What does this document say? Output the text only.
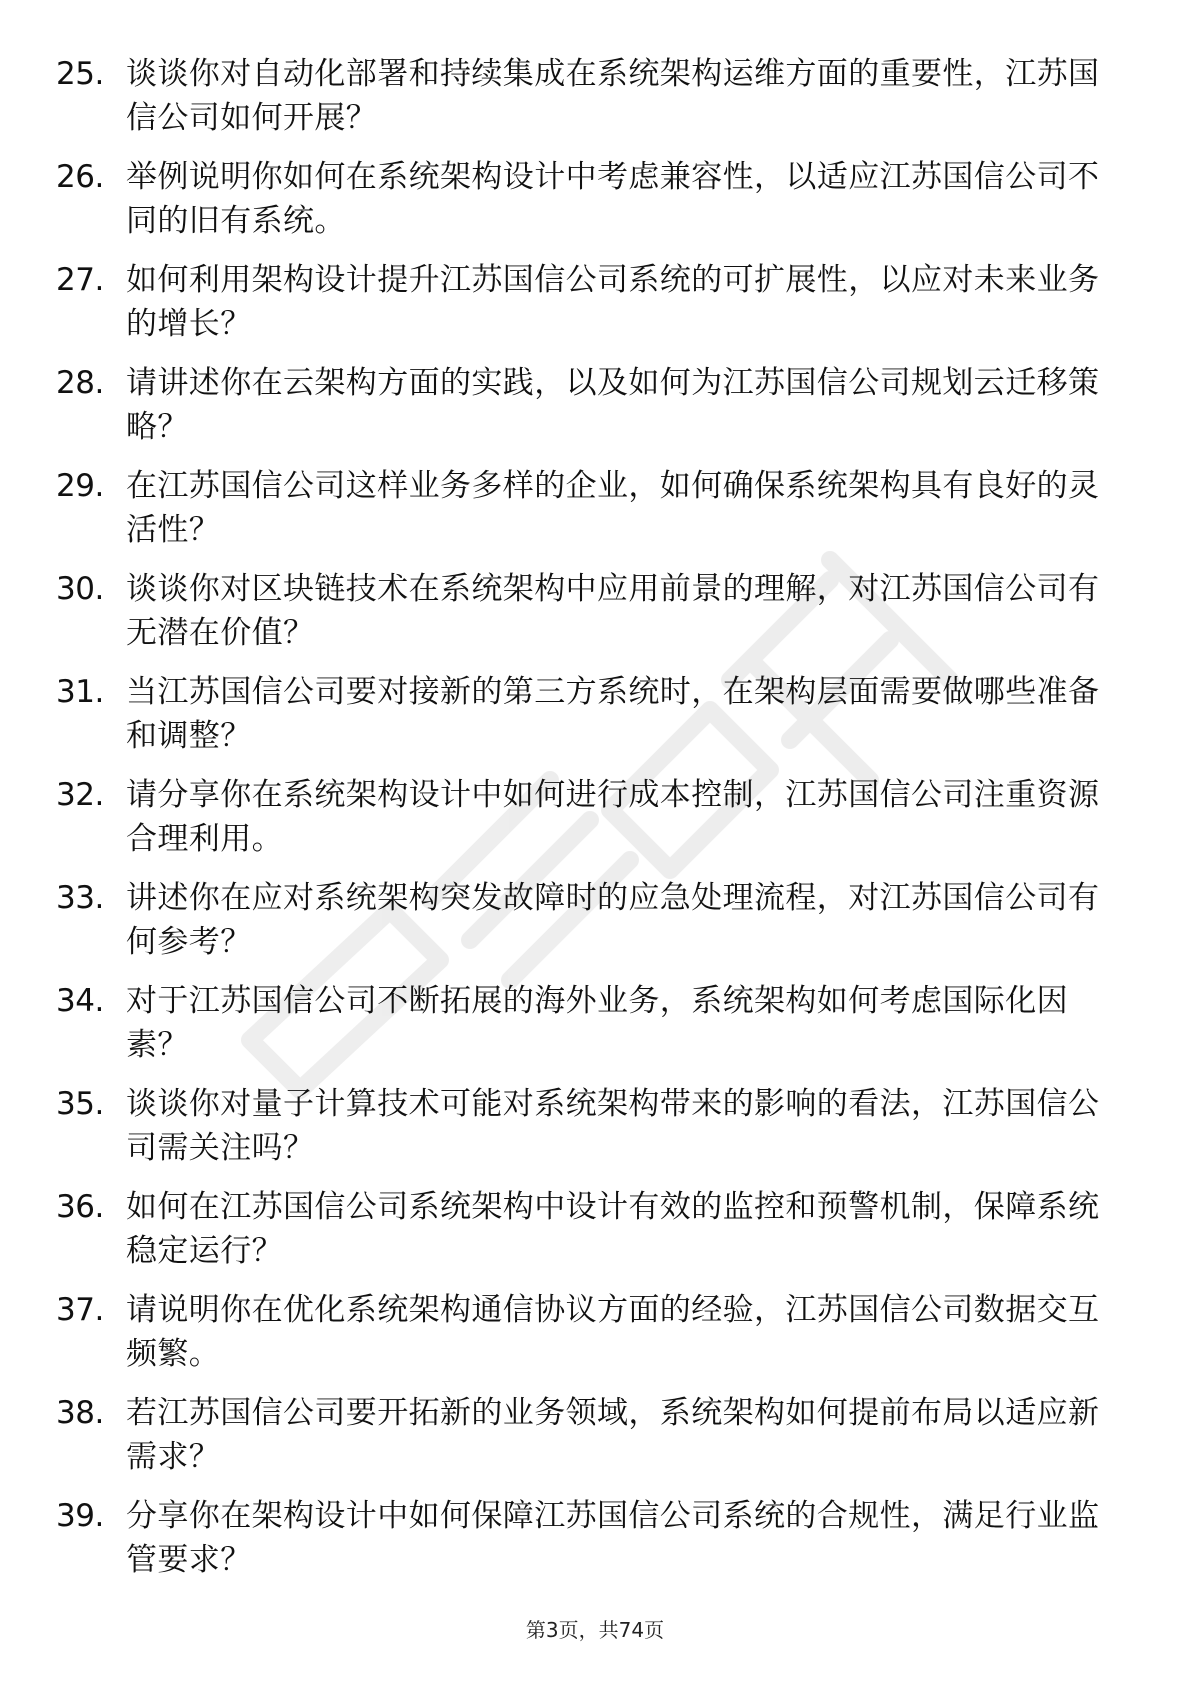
25. 谈谈你对自动化部署和持续集成在系统架构运维方面的重要性，江苏国信公司如何开展？
26. 举例说明你如何在系统架构设计中考虑兼容性，以适应江苏国信公司不同的旧有系统。
27. 如何利用架构设计提升江苏国信公司系统的可扩展性，以应对未来业务的增长？
28. 请讲述你在云架构方面的实践，以及如何为江苏国信公司规划云迁移策略？
29. 在江苏国信公司这样业务多样的企业，如何确保系统架构具有良好的灵活性？
30. 谈谈你对区块链技术在系统架构中应用前景的理解，对江苏国信公司有无潜在价值？
31. 当江苏国信公司要对接新的第三方系统时，在架构层面需要做哪些准备和调整？
32. 请分享你在系统架构设计中如何进行成本控制，江苏国信公司注重资源合理利用。
33. 讲述你在应对系统架构突发故障时的应急处理流程，对江苏国信公司有何参考？
34. 对于江苏国信公司不断拓展的海外业务，系统架构如何考虑国际化因素？
35. 谈谈你对量子计算技术可能对系统架构带来的影响的看法，江苏国信公司需关注吗？
36. 如何在江苏国信公司系统架构中设计有效的监控和预警机制，保障系统稳定运行？
37. 请说明你在优化系统架构通信协议方面的经验，江苏国信公司数据交互频繁。
38. 若江苏国信公司要开拓新的业务领域，系统架构如何提前布局以适应新需求？
39. 分享你在架构设计中如何保障江苏国信公司系统的合规性，满足行业监管要求？
第3页，共74页
